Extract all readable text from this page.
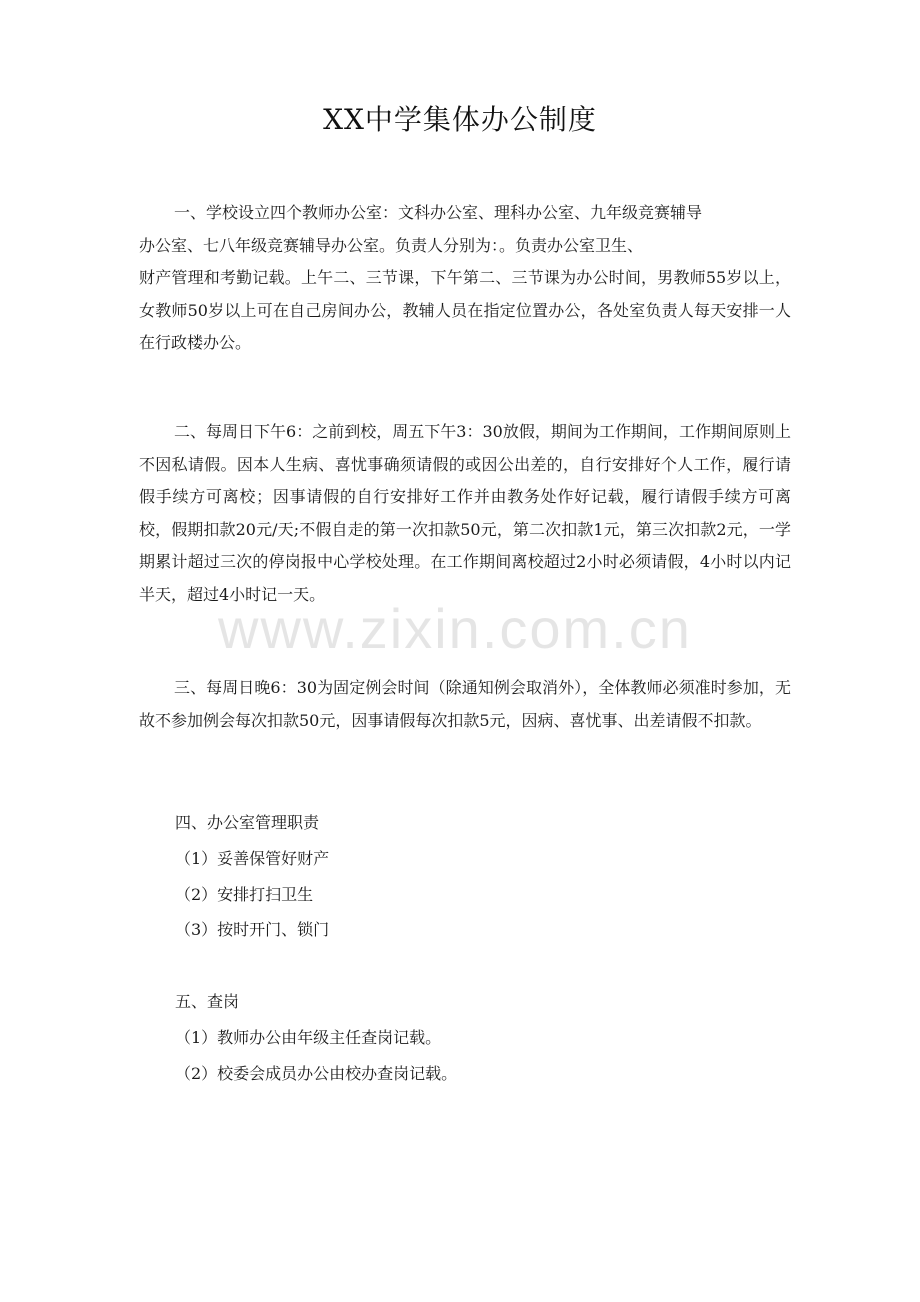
XX中学集体办公制度
一、学校设立四个教师办公室：文科办公室、理科办公室、九年级竞赛辅导
办公室、七八年级竞赛辅导办公室。负责人分别为：。负责办公室卫生、
财产管理和考勤记载。上午二、三节课，下午第二、三节课为办公时间，男教师55岁以上，女教师50岁以上可在自己房间办公，教辅人员在指定位置办公，各处室负责人每天安排一人在行政楼办公。
二、每周日下午6：之前到校，周五下午3：30放假，期间为工作期间，工作期间原则上不因私请假。因本人生病、喜忧事确须请假的或因公出差的，自行安排好个人工作，履行请假手续方可离校；因事请假的自行安排好工作并由教务处作好记载，履行请假手续方可离校，假期扣款20元/天;不假自走的第一次扣款50元，第二次扣款1元，第三次扣款2元，一学期累计超过三次的停岗报中心学校处理。在工作期间离校超过2小时必须请假，4小时以内记半天，超过4小时记一天。
三、每周日晚6：30为固定例会时间（除通知例会取消外），全体教师必须准时参加，无故不参加例会每次扣款50元，因事请假每次扣款5元，因病、喜忧事、出差请假不扣款。
四、办公室管理职责
（1）妥善保管好财产
（2）安排打扫卫生
（3）按时开门、锁门
五、查岗
（1）教师办公由年级主任查岗记载。
（2）校委会成员办公由校办查岗记载。
www.zixin.com.cn
